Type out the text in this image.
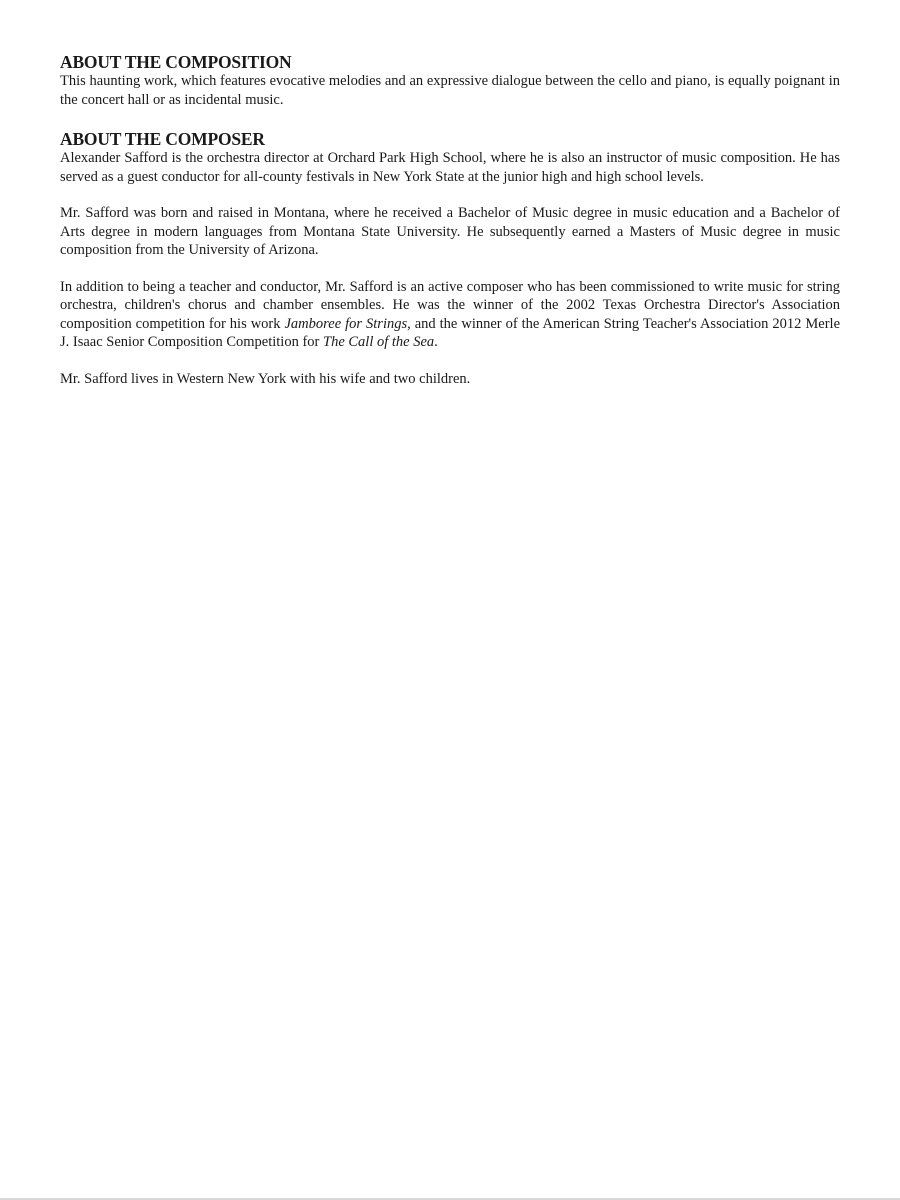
ABOUT THE COMPOSITION

This haunting work, which features evocative melodies and an expressive dialogue between the cello and piano, is equally poignant in the concert hall or as incidental music.

ABOUT THE COMPOSER

Alexander Safford is the orchestra director at Orchard Park High School, where he is also an instructor of music composition. He has served as a guest conductor for all-county festivals in New York State at the junior high and high school levels.

Mr. Safford was born and raised in Montana, where he received a Bachelor of Music degree in music education and a Bachelor of Arts degree in modern languages from Montana State University. He subsequently earned a Masters of Music degree in music composition from the University of Arizona.

In addition to being a teacher and conductor, Mr. Safford is an active composer who has been commissioned to write music for string orchestra, children's chorus and chamber ensembles. He was the winner of the 2002 Texas Orchestra Director's Association composition competition for his work Jamboree for Strings, and the winner of the American String Teacher's Association 2012 Merle J. Isaac Senior Composition Competition for The Call of the Sea.

Mr. Safford lives in Western New York with his wife and two children.
